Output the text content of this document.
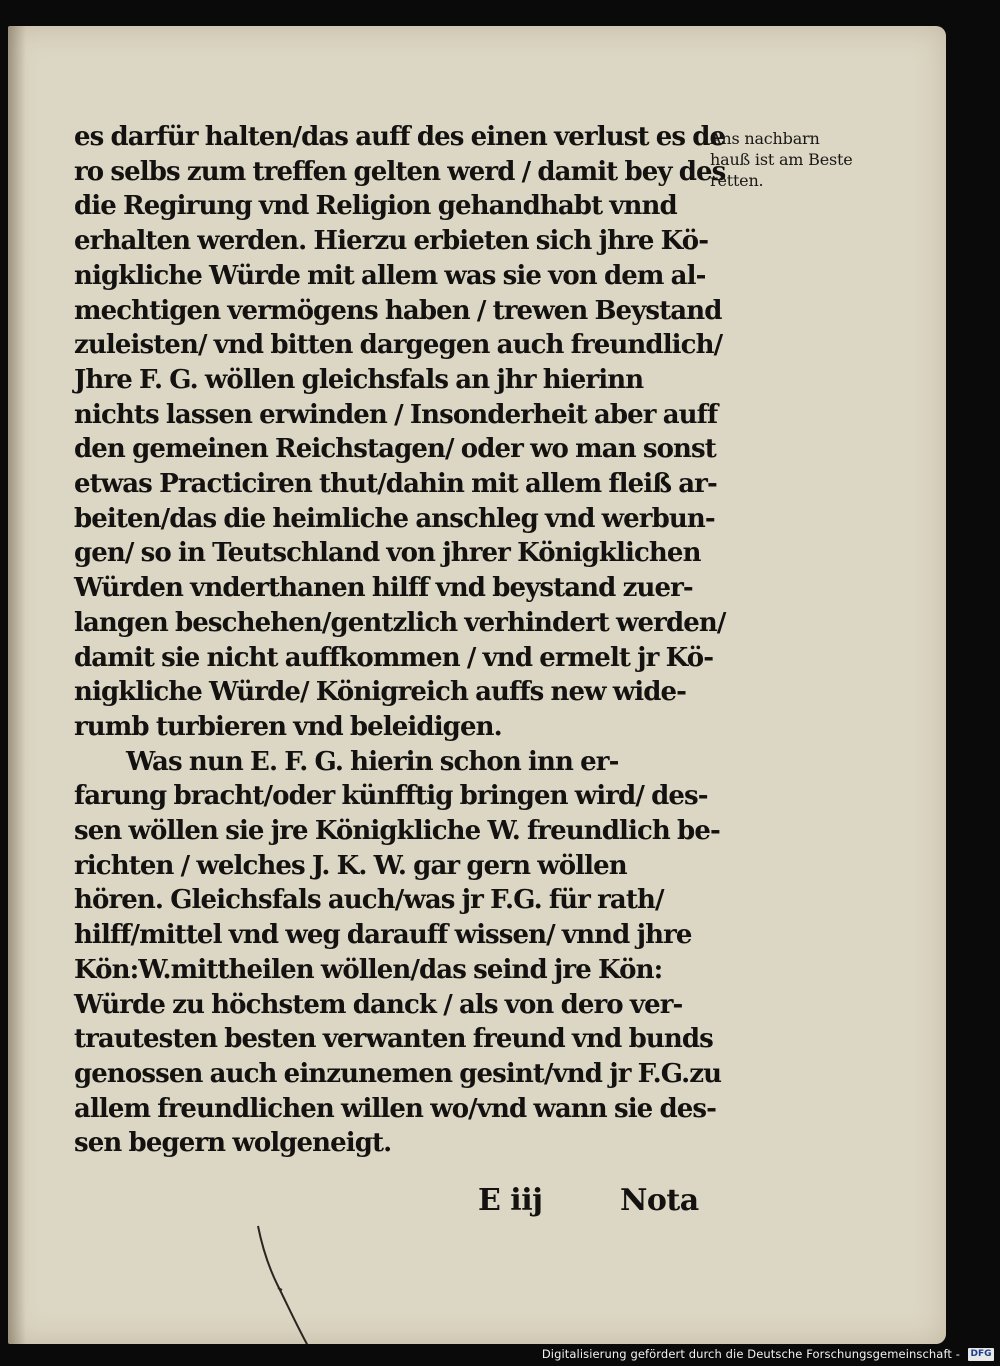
es darfür halten/das auff des einen verlust es de
ro selbs zum treffen gelten werd / damit bey des
die Regirung vnd Religion gehandhabt vnnd
erhalten werden. Hierzu erbieten sich jhre Kö-
nigkliche Würde mit allem was sie von dem al-
mechtigen vermögens haben / trewen Beystand
zuleisten/ vnd bitten dargegen auch freundlich/
Jhre F. G. wöllen gleichsfals an jhr hierinn
nichts lassen erwinden / Insonderheit aber auff
den gemeinen Reichstagen/ oder wo man sonst
etwas Practiciren thut/dahin mit allem fleiß ar-
beiten/das die heimliche anschleg vnd werbun-
gen/ so in Teutschland von jhrer Königklichen
Würden vnderthanen hilff vnd beystand zuer-
langen beschehen/gentzlich verhindert werden/
damit sie nicht auffkommen / vnd ermelt jr Kö-
nigkliche Würde/ Königreich auffs new wide-
rumb turbieren vnd beleidigen.
Was nun E. F. G. hierin schon inn er-
farung bracht/oder künfftig bringen wird/ des-
sen wöllen sie jre Königkliche W. freundlich be-
richten / welches J. K. W. gar gern wöllen
hören. Gleichsfals auch/was jr F.G. für rath/
hilff/mittel vnd weg darauff wissen/ vnnd jhre
Kön:W.mittheilen wöllen/das seind jre Kön:
Würde zu höchstem danck / als von dero ver-
trautesten besten verwanten freund vnd bunds
genossen auch einzunemen gesint/vnd jr F.G.zu
allem freundlichen willen wo/vnd wann sie des-
sen begern wolgeneigt.
Ans nachbarn
hauß ist am Beste
retten.
E iij	Nota
Digitalisierung gefördert durch die Deutsche Forschungsgemeinschaft - DFG
